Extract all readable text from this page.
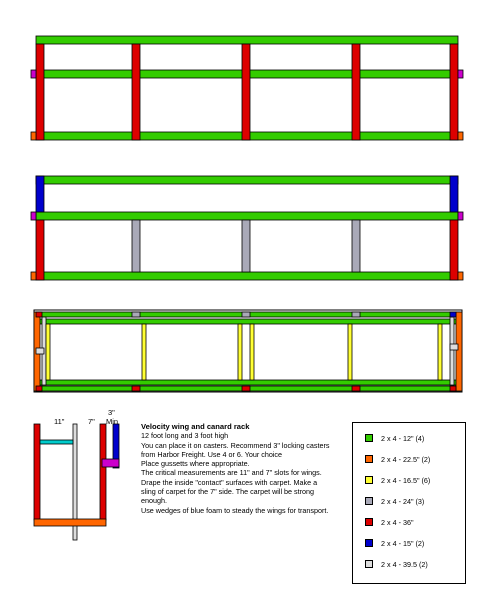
11"	7"
3"
Min
Velocity wing and canard rack
12 foot long and 3 foot high
You can place it on casters. Recommend 3" locking casters
from Harbor Freight. Use 4 or 6. Your choice
Place gussetts where appropriate.
The critical measurements are 11" and 7" slots for wings.
Drape the inside "contact" surfaces with carpet. Make a
sling of carpet for the 7" side. The carpet will be strong
enough.
Use wedges of blue foam to steady the wings for transport.
2 x 4 - 12" (4)
2 x 4 - 22.5" (2)
2 x 4 - 16.5" (6)
2 x 4 - 24" (3)
2 x 4 - 36"
2 x 4 - 15" (2)
2 x 4 - 39.5 (2)
